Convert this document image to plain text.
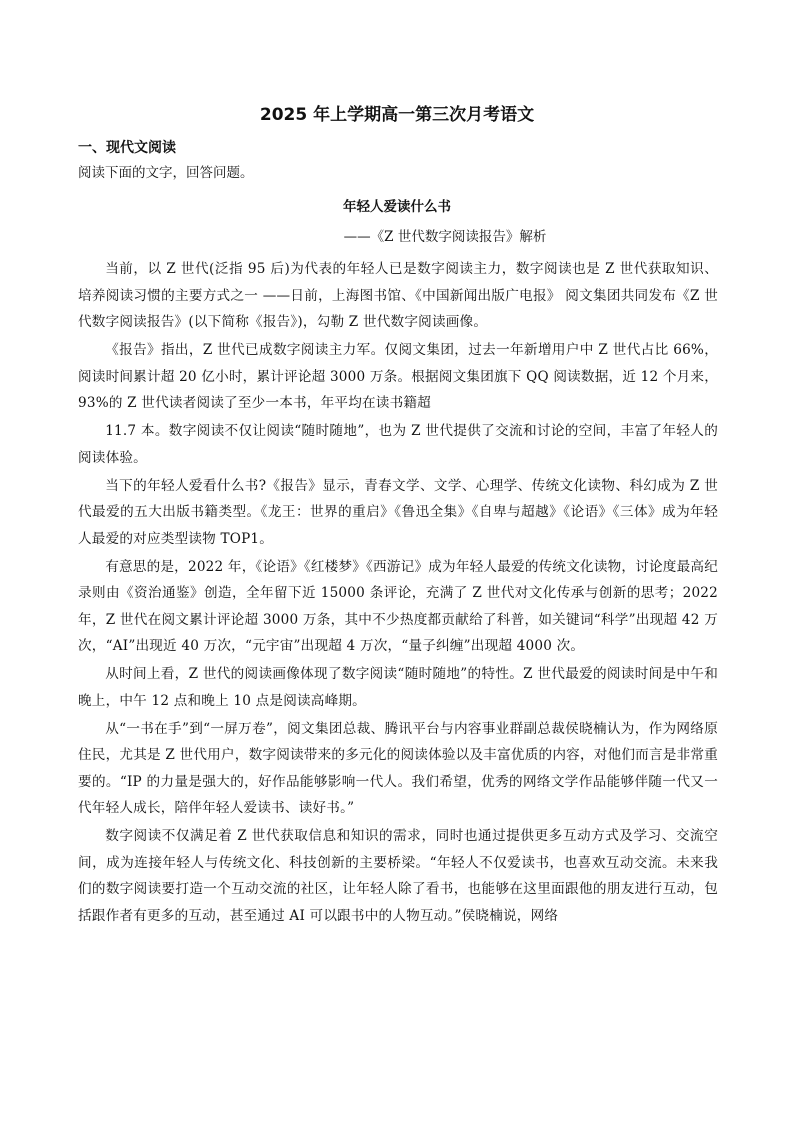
2025 年上学期高一第三次月考语文
一、现代文阅读

阅读下面的文字，回答问题。

年轻人爱读什么书

——《Z 世代数字阅读报告》解析

当前，以 Z 世代(泛指 95 后)为代表的年轻人已是数字阅读主力，数字阅读也是 Z 世代获取知识、培养阅读习惯的主要方式之一 ——日前，上海图书馆、《中国新闻出版广电报》 阅文集团共同发布《Z 世代数字阅读报告》(以下简称《报告》)，勾勒 Z 世代数字阅读画像。

《报告》指出，Z 世代已成数字阅读主力军。仅阅文集团，过去一年新增用户中 Z 世代占比 66%，阅读时间累计超 20 亿小时，累计评论超 3000 万条。根据阅文集团旗下 QQ 阅读数据，近 12 个月来，93%的 Z 世代读者阅读了至少一本书，年平均在读书籍超

11.7 本。数字阅读不仅让阅读“随时随地”，也为 Z 世代提供了交流和讨论的空间，丰富了年轻人的阅读体验。

当下的年轻人爱看什么书?《报告》显示，青春文学、文学、心理学、传统文化读物、科幻成为 Z 世代最爱的五大出版书籍类型。《龙王：世界的重启》《鲁迅全集》《自卑与超越》《论语》《三体》成为年轻人最爱的对应类型读物 TOP1。

有意思的是，2022 年，《论语》《红楼梦》《西游记》成为年轻人最爱的传统文化读物，讨论度最高纪录则由《资治通鉴》创造，全年留下近 15000 条评论，充满了 Z 世代对文化传承与创新的思考；2022 年，Z 世代在阅文累计评论超 3000 万条，其中不少热度都贡献给了科普，如关键词“科学”出现超 42 万次，“AI”出现近 40 万次，“元宇宙”出现超 4 万次，“量子纠缠”出现超 4000 次。

从时间上看，Z 世代的阅读画像体现了数字阅读“随时随地”的特性。Z 世代最爱的阅读时间是中午和晚上，中午 12 点和晚上 10 点是阅读高峰期。

从“一书在手”到“一屏万卷”，阅文集团总裁、腾讯平台与内容事业群副总裁侯晓楠认为，作为网络原住民，尤其是 Z 世代用户，数字阅读带来的多元化的阅读体验以及丰富优质的内容，对他们而言是非常重要的。“IP 的力量是强大的，好作品能够影响一代人。我们希望，优秀的网络文学作品能够伴随一代又一代年轻人成长，陪伴年轻人爱读书、读好书。”

数字阅读不仅满足着 Z 世代获取信息和知识的需求，同时也通过提供更多互动方式及学习、交流空间，成为连接年轻人与传统文化、科技创新的主要桥梁。“年轻人不仅爱读书，也喜欢互动交流。未来我们的数字阅读要打造一个互动交流的社区，让年轻人除了看书，也能够在这里面跟他的朋友进行互动，包括跟作者有更多的互动，甚至通过 AI 可以跟书中的人物互动。”侯晓楠说，网络
